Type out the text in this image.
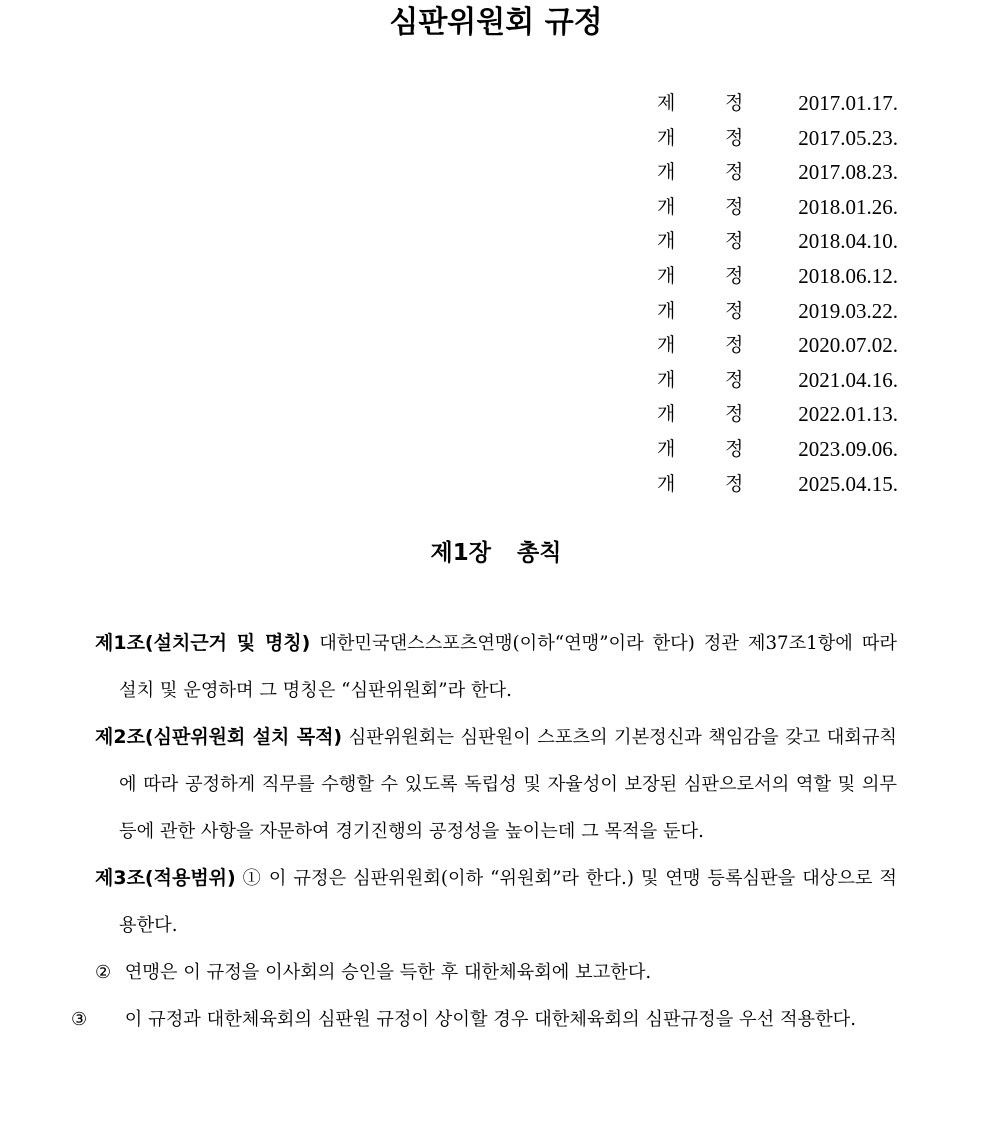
심판위원회 규정
제	정	2017.01.17.
개	정	2017.05.23.
개	정	2017.08.23.
개	정	2018.01.26.
개	정	2018.04.10.
개	정	2018.06.12.
개	정	2019.03.22.
개	정	2020.07.02.
개	정	2021.04.16.
개	정	2022.01.13.
개	정	2023.09.06.
개	정	2025.04.15.
제1장 총칙

제1조(설치근거 및 명칭) 대한민국댄스스포츠연맹(이하“연맹”이라 한다) 정관 제37조1항에 따라 설치 및 운영하며 그 명칭은 “심판위원회”라 한다.

제2조(심판위원회 설치 목적) 심판위원회는 심판원이 스포츠의 기본정신과 책임감을 갖고 대회규칙에 따라 공정하게 직무를 수행할 수 있도록 독립성 및 자율성이 보장된 심판으로서의 역할 및 의무 등에 관한 사항을 자문하여 경기진행의 공정성을 높이는데 그 목적을 둔다.

제3조(적용범위) ① 이 규정은 심판위원회(이하 “위원회”라 한다.) 및 연맹 등록심판을 대상으로 적용한다.

② 연맹은 이 규정을 이사회의 승인을 득한 후 대한체육회에 보고한다.

③ 이 규정과 대한체육회의 심판원 규정이 상이할 경우 대한체육회의 심판규정을 우선 적용한다.
